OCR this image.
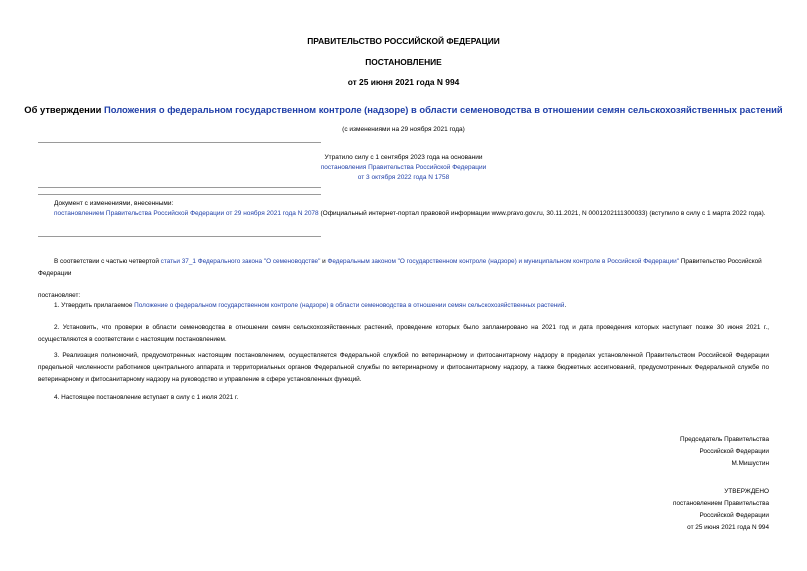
ПРАВИТЕЛЬСТВО РОССИЙСКОЙ ФЕДЕРАЦИИ
ПОСТАНОВЛЕНИЕ
от 25 июня 2021 года N 994
Об утверждении Положения о федеральном государственном контроле (надзоре) в области семеноводства в отношении семян сельскохозяйственных растений
(с изменениями на 29 ноября 2021 года)
Утратило силу с 1 сентября 2023 года на основании
постановления Правительства Российской Федерации
от 3 октября 2022 года N 1758
Документ с изменениями, внесенными:
постановлением Правительства Российской Федерации от 29 ноября 2021 года N 2078 (Официальный интернет-портал правовой информации www.pravo.gov.ru, 30.11.2021, N 0001202111300033) (вступило в силу с 1 марта 2022 года).
В соответствии с частью четвертой статьи 37_1 Федерального закона "О семеноводстве" и Федеральным законом "О государственном контроле (надзоре) и муниципальном контроле в Российской Федерации" Правительство Российской Федерации
постановляет:
1. Утвердить прилагаемое Положение о федеральном государственном контроле (надзоре) в области семеноводства в отношении семян сельскохозяйственных растений.
2. Установить, что проверки в области семеноводства в отношении семян сельскохозяйственных растений, проведение которых было запланировано на 2021 год и дата проведения которых наступает позже 30 июня 2021 г., осуществляются в соответствии с настоящим постановлением.
3. Реализация полномочий, предусмотренных настоящим постановлением, осуществляется Федеральной службой по ветеринарному и фитосанитарному надзору в пределах установленной Правительством Российской Федерации предельной численности работников центрального аппарата и территориальных органов Федеральной службы по ветеринарному и фитосанитарному надзору, а также бюджетных ассигнований, предусмотренных Федеральной службе по ветеринарному и фитосанитарному надзору на руководство и управление в сфере установленных функций.
4. Настоящее постановление вступает в силу с 1 июля 2021 г.
Председатель Правительства
Российской Федерации
М.Мишустин
УТВЕРЖДЕНО
постановлением Правительства
Российской Федерации
от 25 июня 2021 года N 994
